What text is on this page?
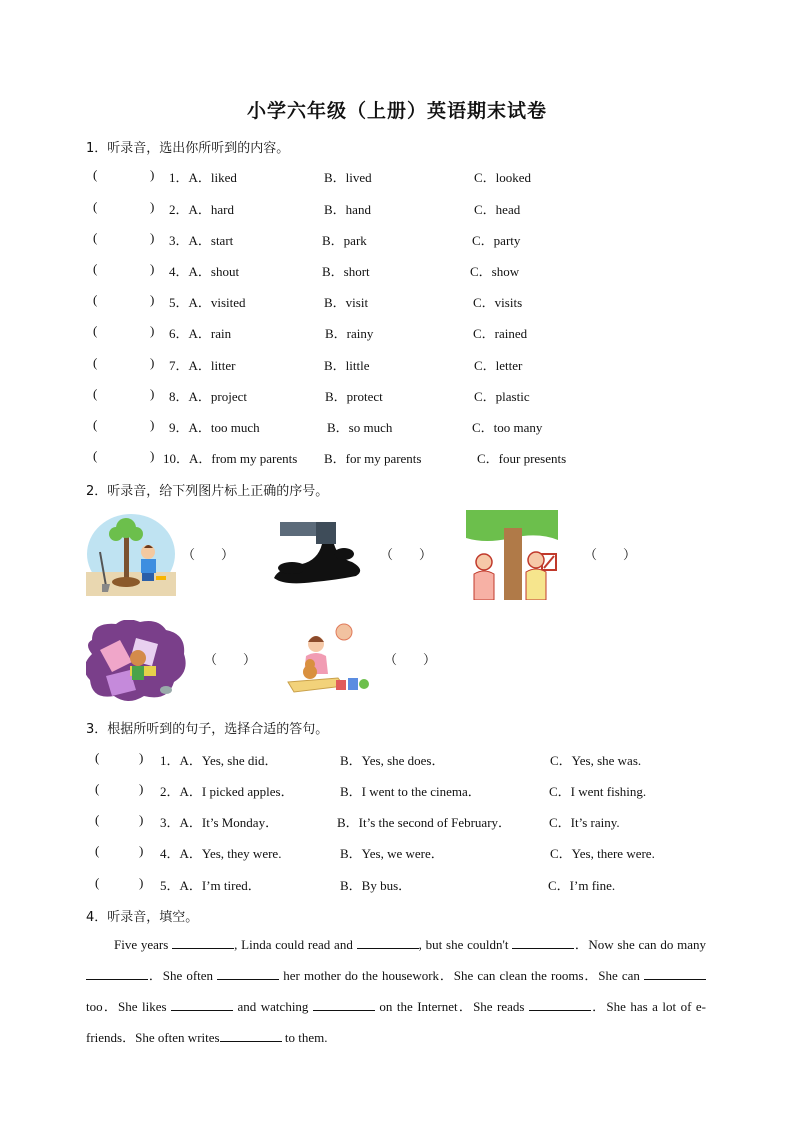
小学六年级（上册）英语期末试卷
1．听录音，选出你所听到的内容。
(	) 1．A．liked	B．lived	C．looked
(	) 2．A．hard	B．hand	C．head
(	) 3．A．start	B．park	C．party
(	) 4．A．shout	B．short	C．show
(	) 5．A．visited	B．visit	C．visits
(	) 6．A．rain	B．rainy	C．rained
(	) 7．A．litter	B．little	C．letter
(	) 8．A．project	B．protect	C．plastic
(	) 9．A．too much	B．so much	C．too many
(	) 10．A．from my parents B．for my parents	C．four presents
2．听录音，给下列图片标上正确的序号。
（　　）	（　　）	（　　）
（　　）	（　　）
3．根据所听到的句子，选择合适的答句。
(	) 1．A．Yes, she did．	B．Yes, she does．	C．Yes, she was.
(	) 2．A．I picked apples．	B．I went to the cinema．	C．I went fishing.
(	) 3．A．It’s Monday．	B．It’s the second of February．	C．It’s rainy.
(	) 4．A．Yes, they were.	B．Yes, we were．	C．Yes, there were.
(	) 5．A．I’m tired．	B．By bus．	C．I’m fine.
4．听录音，填空。
Five years	, Linda could read and	, but she couldn't	．Now she can do many ．She often	her mother do the housework．She can clean the rooms．She can  too．She likes	and watching	on the Internet．She reads	．She has a lot of e-friends．She often writes	to them.
